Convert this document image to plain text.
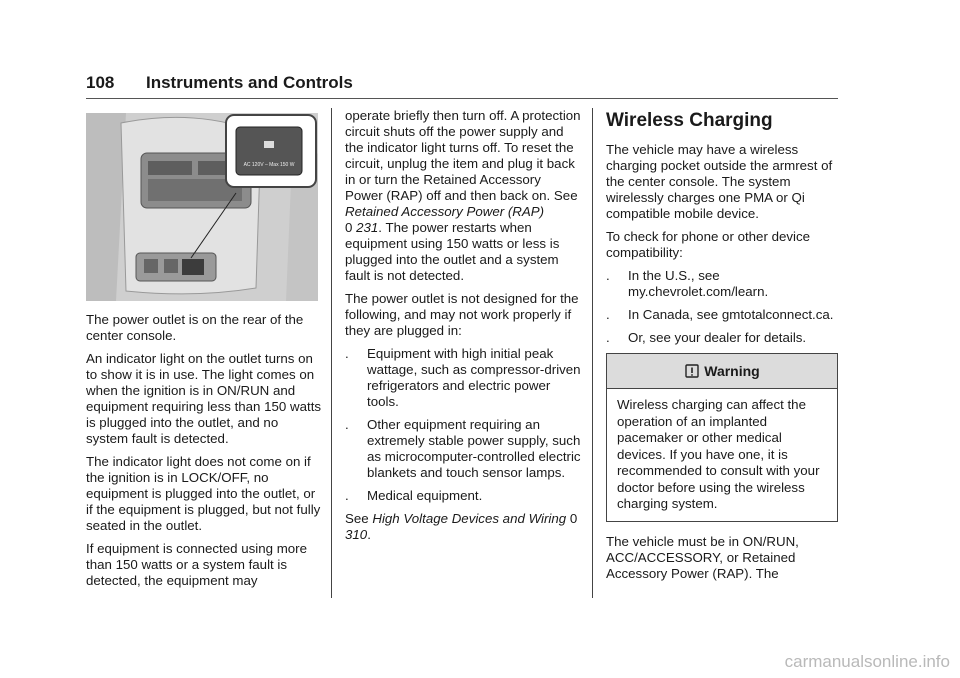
108 Instruments and Controls
AC 120V – Max 150 W

The power outlet is on the rear of the center console.

An indicator light on the outlet turns on to show it is in use. The light comes on when the ignition is in ON/RUN and equipment requiring less than 150 watts is plugged into the outlet, and no system fault is detected.

The indicator light does not come on if the ignition is in LOCK/OFF, no equipment is plugged into the outlet, or if the equipment is plugged, but not fully seated in the outlet.

If equipment is connected using more than 150 watts or a system fault is detected, the equipment may

operate briefly then turn off. A protection circuit shuts off the power supply and the indicator light turns off. To reset the circuit, unplug the item and plug it back in or turn the Retained Accessory Power (RAP) off and then back on. See Retained Accessory Power (RAP)
0 231. The power restarts when equipment using 150 watts or less is plugged into the outlet and a system fault is not detected.

The power outlet is not designed for the following, and may not work properly if they are plugged in:

. Equipment with high initial peak wattage, such as compressor-driven refrigerators and electric power tools.
. Other equipment requiring an extremely stable power supply, such as microcomputer-controlled electric blankets and touch sensor lamps.
. Medical equipment.

See High Voltage Devices and Wiring 0 310.

Wireless Charging

The vehicle may have a wireless charging pocket outside the armrest of the center console. The system wirelessly charges one PMA or Qi compatible mobile device.

To check for phone or other device compatibility:

. In the U.S., see my.chevrolet.com/learn.
. In Canada, see gmtotalconnect.ca.
. Or, see your dealer for details.
Warning
Wireless charging can affect the operation of an implanted pacemaker or other medical devices. If you have one, it is recommended to consult with your doctor before using the wireless charging system.

The vehicle must be in ON/RUN, ACC/ACCESSORY, or Retained Accessory Power (RAP). The

carmanualsonline.info
